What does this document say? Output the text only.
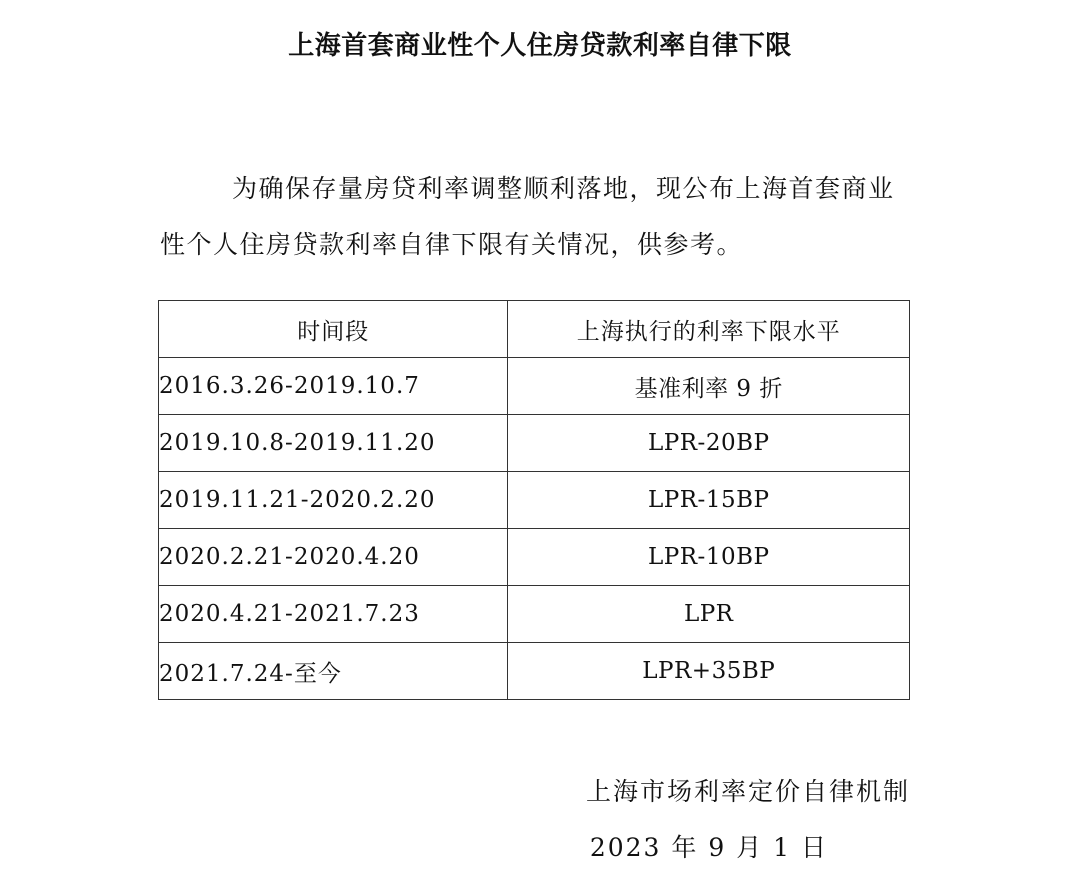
上海首套商业性个人住房贷款利率自律下限

为确保存量房贷利率调整顺利落地，现公布上海首套商业性个人住房贷款利率自律下限有关情况，供参考。

时间段	上海执行的利率下限水平
2016.3.26-2019.10.7	基准利率 9 折
2019.10.8-2019.11.20	LPR-20BP
2019.11.21-2020.2.20	LPR-15BP
2020.2.21-2020.4.20	LPR-10BP
2020.4.21-2021.7.23	LPR
2021.7.24-至今	LPR+35BP
上海市场利率定价自律机制
2023 年 9 月 1 日
